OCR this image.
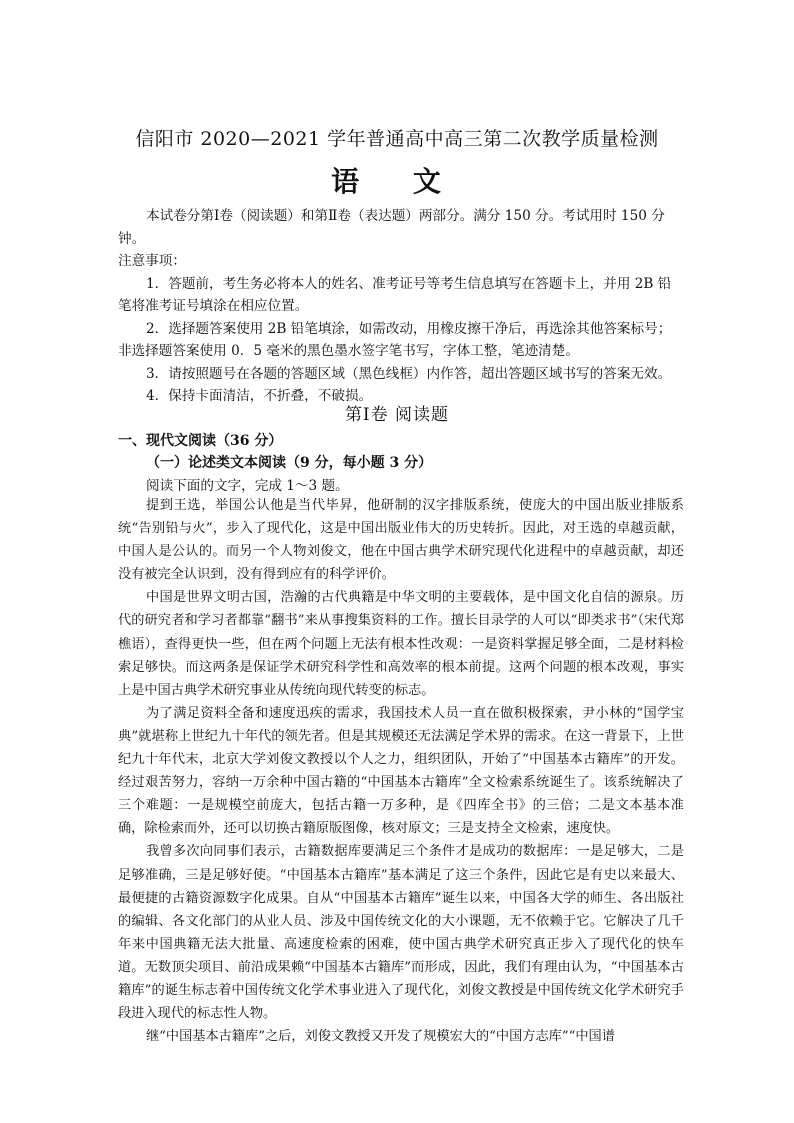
信阳市 2020—2021 学年普通高中高三第二次教学质量检测
语 文

本试卷分第Ⅰ卷（阅读题）和第Ⅱ卷（表达题）两部分。满分 150 分。考试用时 150 分钟。

注意事项：

1．答题前，考生务必将本人的姓名、准考证号等考生信息填写在答题卡上，并用 2B 铅笔将准考证号填涂在相应位置。

2．选择题答案使用 2B 铅笔填涂，如需改动，用橡皮擦干净后，再选涂其他答案标号；非选择题答案使用 0．5 毫米的黑色墨水签字笔书写，字体工整，笔迹清楚。

3．请按照题号在各题的答题区域（黑色线框）内作答，超出答题区域书写的答案无效。

4．保持卡面清洁，不折叠，不破损。

第Ⅰ卷 阅读题
一、现代文阅读（36 分）
（一）论述类文本阅读（9 分，每小题 3 分）
阅读下面的文字，完成 1～3 题。

提到王选，举国公认他是当代毕昇，他研制的汉字排版系统，使庞大的中国出版业排版系统“告别铅与火”，步入了现代化，这是中国出版业伟大的历史转折。因此，对王选的卓越贡献，中国人是公认的。而另一个人物刘俊文，他在中国古典学术研究现代化进程中的卓越贡献，却还没有被完全认识到，没有得到应有的科学评价。

中国是世界文明古国，浩瀚的古代典籍是中华文明的主要载体，是中国文化自信的源泉。历代的研究者和学习者都靠“翻书”来从事搜集资料的工作。擅长目录学的人可以“即类求书”（宋代郑樵语），查得更快一些，但在两个问题上无法有根本性改观：一是资料掌握足够全面，二是材料检索足够快。而这两条是保证学术研究科学性和高效率的根本前提。这两个问题的根本改观，事实上是中国古典学术研究事业从传统向现代转变的标志。

为了满足资料全备和速度迅疾的需求，我国技术人员一直在做积极探索，尹小林的“国学宝典”就堪称上世纪九十年代的领先者。但是其规模还无法满足学术界的需求。在这一背景下，上世纪九十年代末，北京大学刘俊文教授以个人之力，组织团队，开始了“中国基本古籍库”的开发。经过艰苦努力，容纳一万余种中国古籍的“中国基本古籍库”全文检索系统诞生了。该系统解决了三个难题：一是规模空前庞大，包括古籍一万多种，是《四库全书》的三倍；二是文本基本准确，除检索而外，还可以切换古籍原版图像，核对原文；三是支持全文检索，速度快。

我曾多次向同事们表示，古籍数据库要满足三个条件才是成功的数据库：一是足够大，二是足够准确，三是足够好使。“中国基本古籍库”基本满足了这三个条件，因此它是有史以来最大、最便捷的古籍资源数字化成果。自从“中国基本古籍库”诞生以来，中国各大学的师生、各出版社的编辑、各文化部门的从业人员、涉及中国传统文化的大小课题，无不依赖于它。它解决了几千年来中国典籍无法大批量、高速度检索的困难，使中国古典学术研究真正步入了现代化的快车道。无数顶尖项目、前沿成果赖“中国基本古籍库”而形成，因此，我们有理由认为，“中国基本古籍库”的诞生标志着中国传统文化学术事业进入了现代化，刘俊文教授是中国传统文化学术研究手段进入现代的标志性人物。

继“中国基本古籍库”之后，刘俊文教授又开发了规模宏大的“中国方志库”“中国谱
